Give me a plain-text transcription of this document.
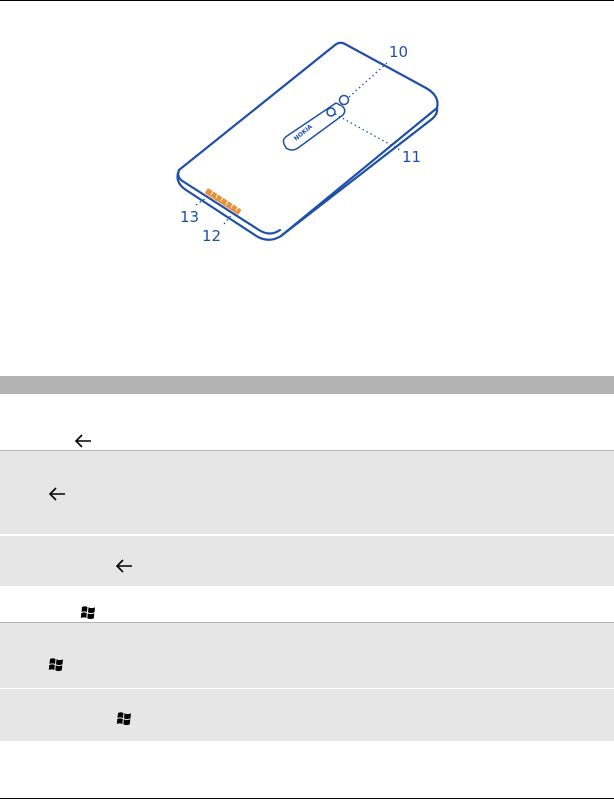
NOKIA
10
11
12
13
